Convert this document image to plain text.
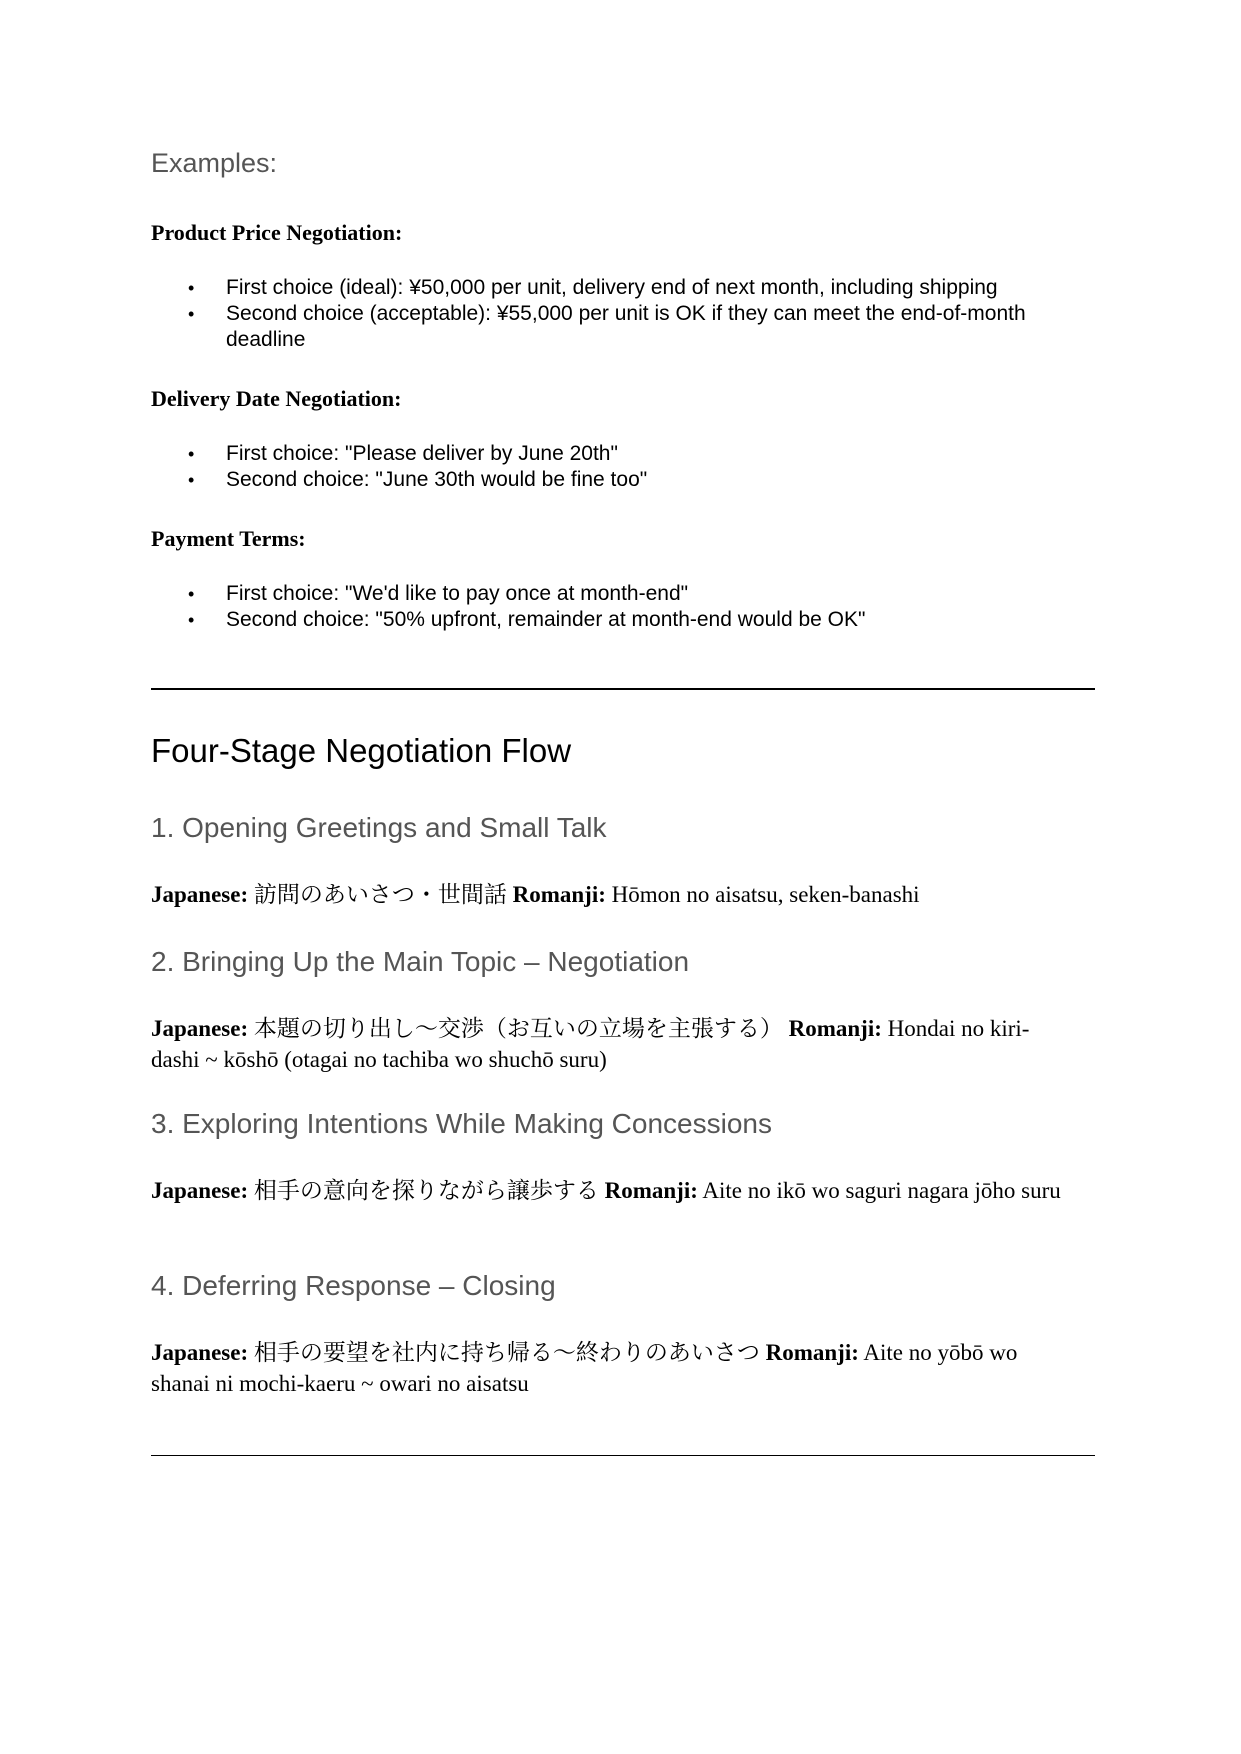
Examples:
Product Price Negotiation:
• First choice (ideal): ¥50,000 per unit, delivery end of next month, including shipping
• Second choice (acceptable): ¥55,000 per unit is OK if they can meet the end-of-month deadline
Delivery Date Negotiation:
• First choice: "Please deliver by June 20th"
• Second choice: "June 30th would be fine too"
Payment Terms:
• First choice: "We'd like to pay once at month-end"
• Second choice: "50% upfront, remainder at month-end would be OK"
Four-Stage Negotiation Flow
1. Opening Greetings and Small Talk

Japanese: 訪問のあいさつ・世間話 Romanji: Hōmon no aisatsu, seken-banashi

2. Bringing Up the Main Topic – Negotiation

Japanese: 本題の切り出し〜交渉（お互いの立場を主張する） Romanji: Hondai no kiri-dashi ~ kōshō (otagai no tachiba wo shuchō suru)

3. Exploring Intentions While Making Concessions

Japanese: 相手の意向を探りながら譲歩する Romanji: Aite no ikō wo saguri nagara jōho suru

4. Deferring Response – Closing

Japanese: 相手の要望を社内に持ち帰る〜終わりのあいさつ Romanji: Aite no yōbō wo shanai ni mochi-kaeru ~ owari no aisatsu
